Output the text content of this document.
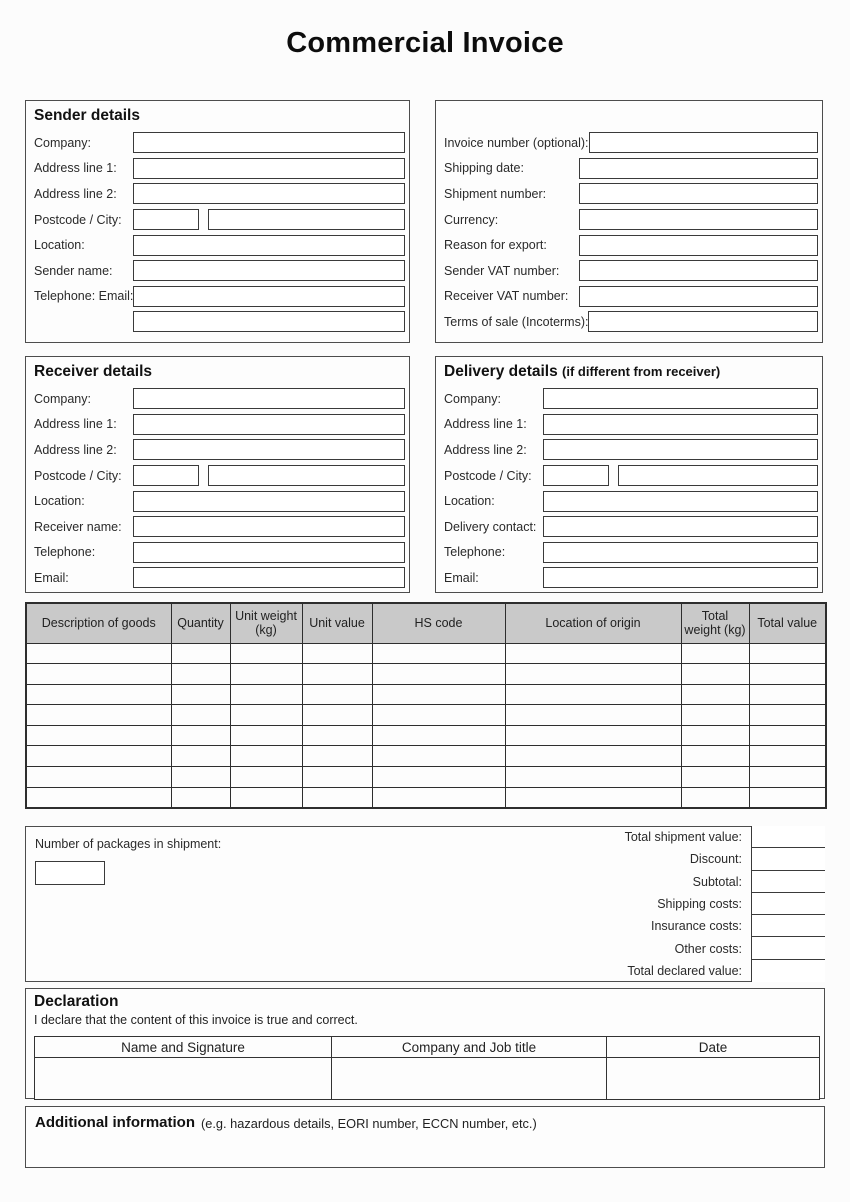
Commercial Invoice
Sender details
Company:
Address line 1:
Address line 2:
Postcode / City:
Location:
Sender name:
Telephone: Email:
Invoice number (optional):
Shipping date:
Shipment number:
Currency:
Reason for export:
Sender VAT number:
Receiver VAT number:
Terms of sale (Incoterms):
Receiver details
Company:
Address line 1:
Address line 2:
Postcode / City:
Location:
Receiver name:
Telephone:
Email:
Delivery details (if different from receiver)
Company:
Address line 1:
Address line 2:
Postcode / City:
Location:
Delivery contact:
Telephone:
Email:
Description of goods	Quantity	Unit weight (kg)	Unit value	HS code	Location of origin	Total weight (kg)	Total value

Number of packages in shipment:	Total shipment value:
Discount:
Subtotal:
Shipping costs:
Insurance costs:
Other costs:
Total declared value:
Declaration
I declare that the content of this invoice is true and correct.
Name and Signature	Company and Job title	Date

Additional information (e.g. hazardous details, EORI number, ECCN number, etc.)
